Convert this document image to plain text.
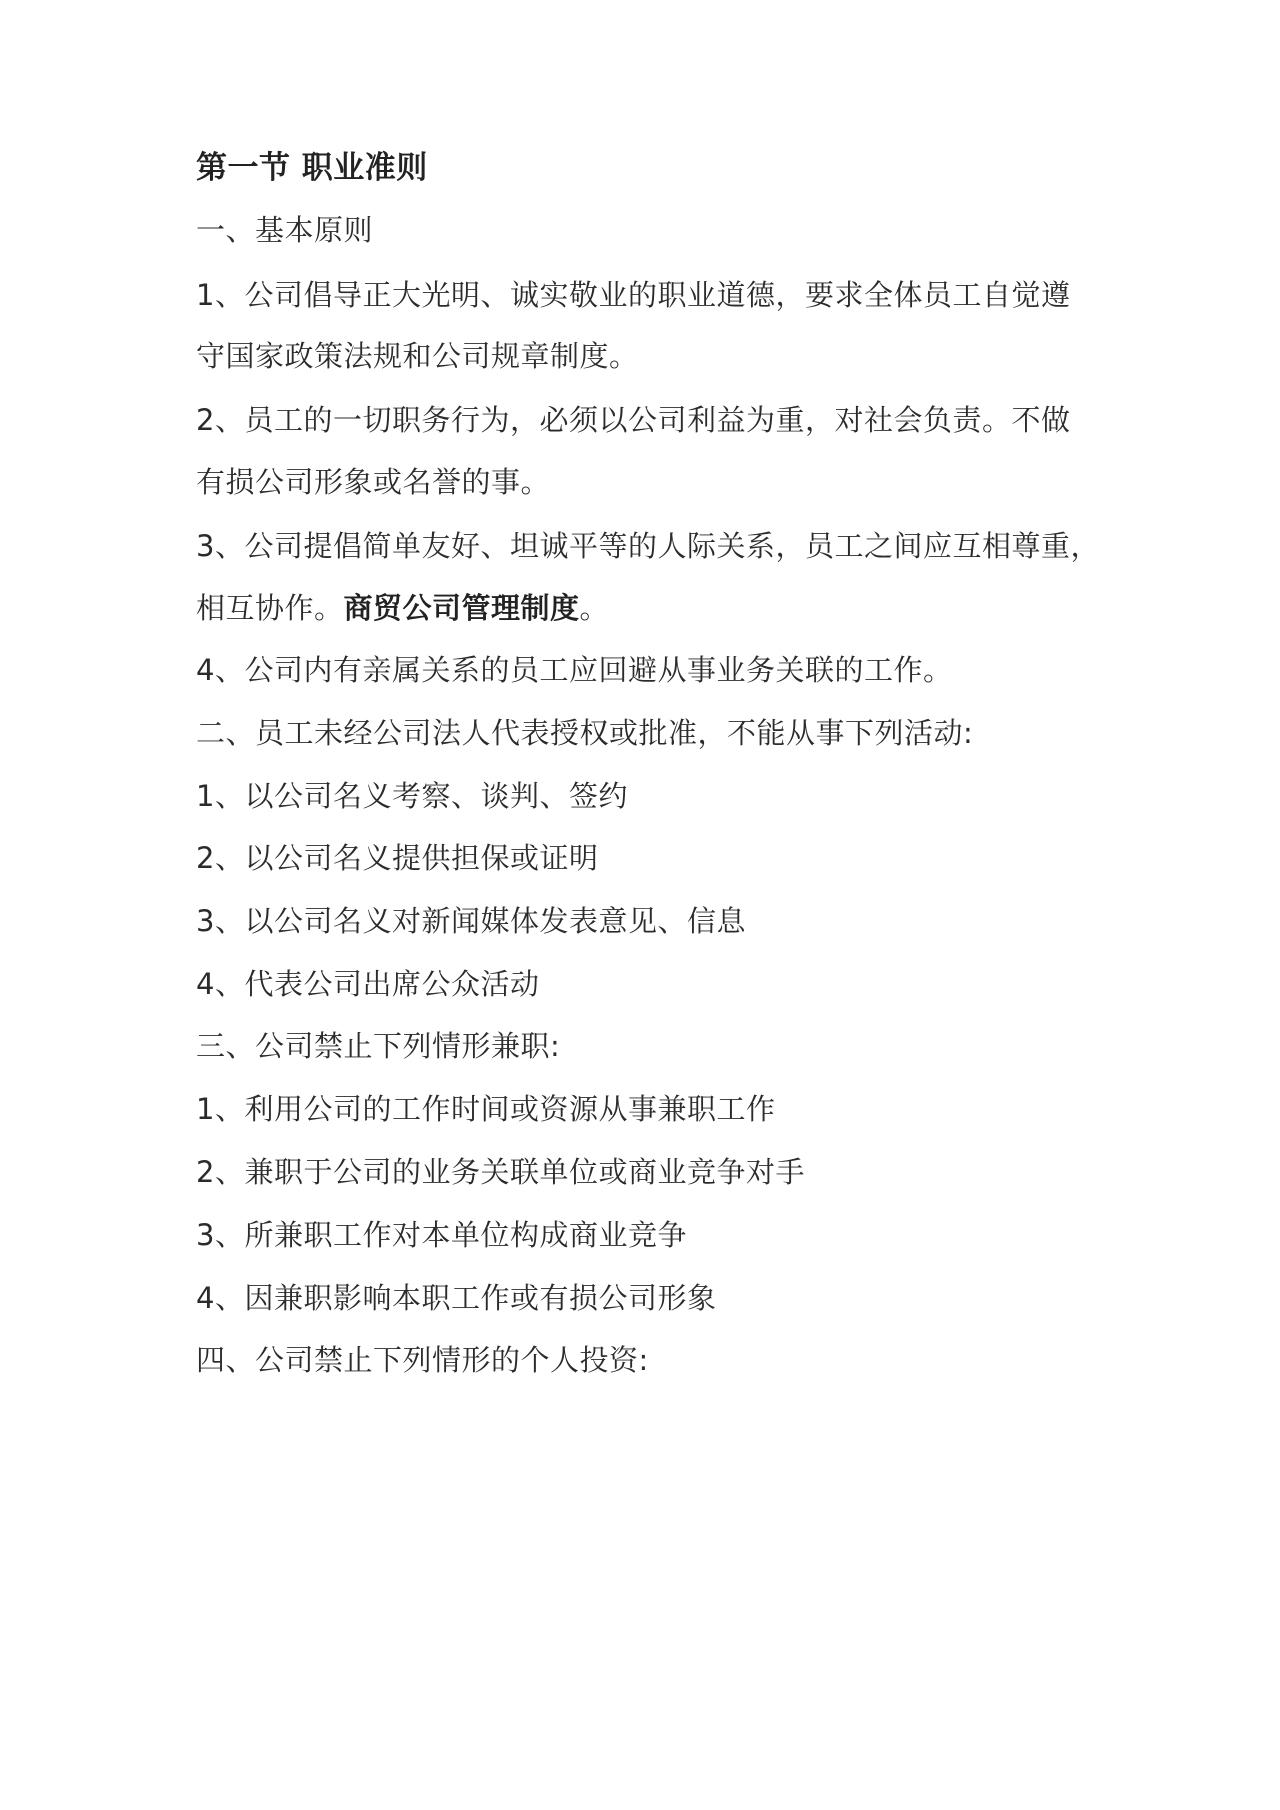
第一节 职业准则
一、基本原则
1、公司倡导正大光明、诚实敬业的职业道德，要求全体员工自觉遵
守国家政策法规和公司规章制度。
2、员工的一切职务行为，必须以公司利益为重，对社会负责。不做
有损公司形象或名誉的事。
3、公司提倡简单友好、坦诚平等的人际关系，员工之间应互相尊重，
相互协作。商贸公司管理制度。
4、公司内有亲属关系的员工应回避从事业务关联的工作。
二、员工未经公司法人代表授权或批准，不能从事下列活动:
1、以公司名义考察、谈判、签约
2、以公司名义提供担保或证明
3、以公司名义对新闻媒体发表意见、信息
4、代表公司出席公众活动
三、公司禁止下列情形兼职:
1、利用公司的工作时间或资源从事兼职工作
2、兼职于公司的业务关联单位或商业竞争对手
3、所兼职工作对本单位构成商业竞争
4、因兼职影响本职工作或有损公司形象
四、公司禁止下列情形的个人投资:
